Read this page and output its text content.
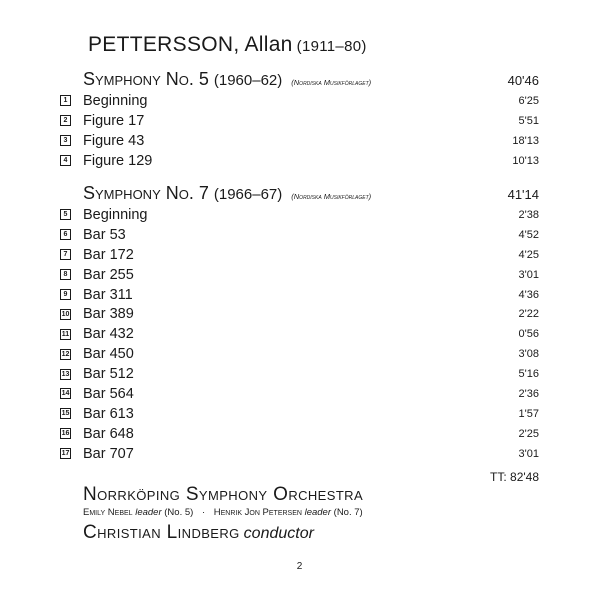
PETTERSSON, Allan (1911–80)
Symphony No. 5 (1960–62) (Nordiska Musikförlaget)	40'46
1 Beginning	6'25
2 Figure 17	5'51
3 Figure 43	18'13
4 Figure 129	10'13
Symphony No. 7 (1966–67) (Nordiska Musikförlaget)	41'14
5 Beginning	2'38
6 Bar 53	4'52
7 Bar 172	4'25
8 Bar 255	3'01
9 Bar 311	4'36
10 Bar 389	2'22
11 Bar 432	0'56
12 Bar 450	3'08
13 Bar 512	5'16
14 Bar 564	2'36
15 Bar 613	1'57
16 Bar 648	2'25
17 Bar 707	3'01
TT: 82'48
Norrköping Symphony Orchestra
Emily Nebel leader (No. 5) · Henrik Jon Petersen leader (No. 7)
Christian Lindberg conductor
2
